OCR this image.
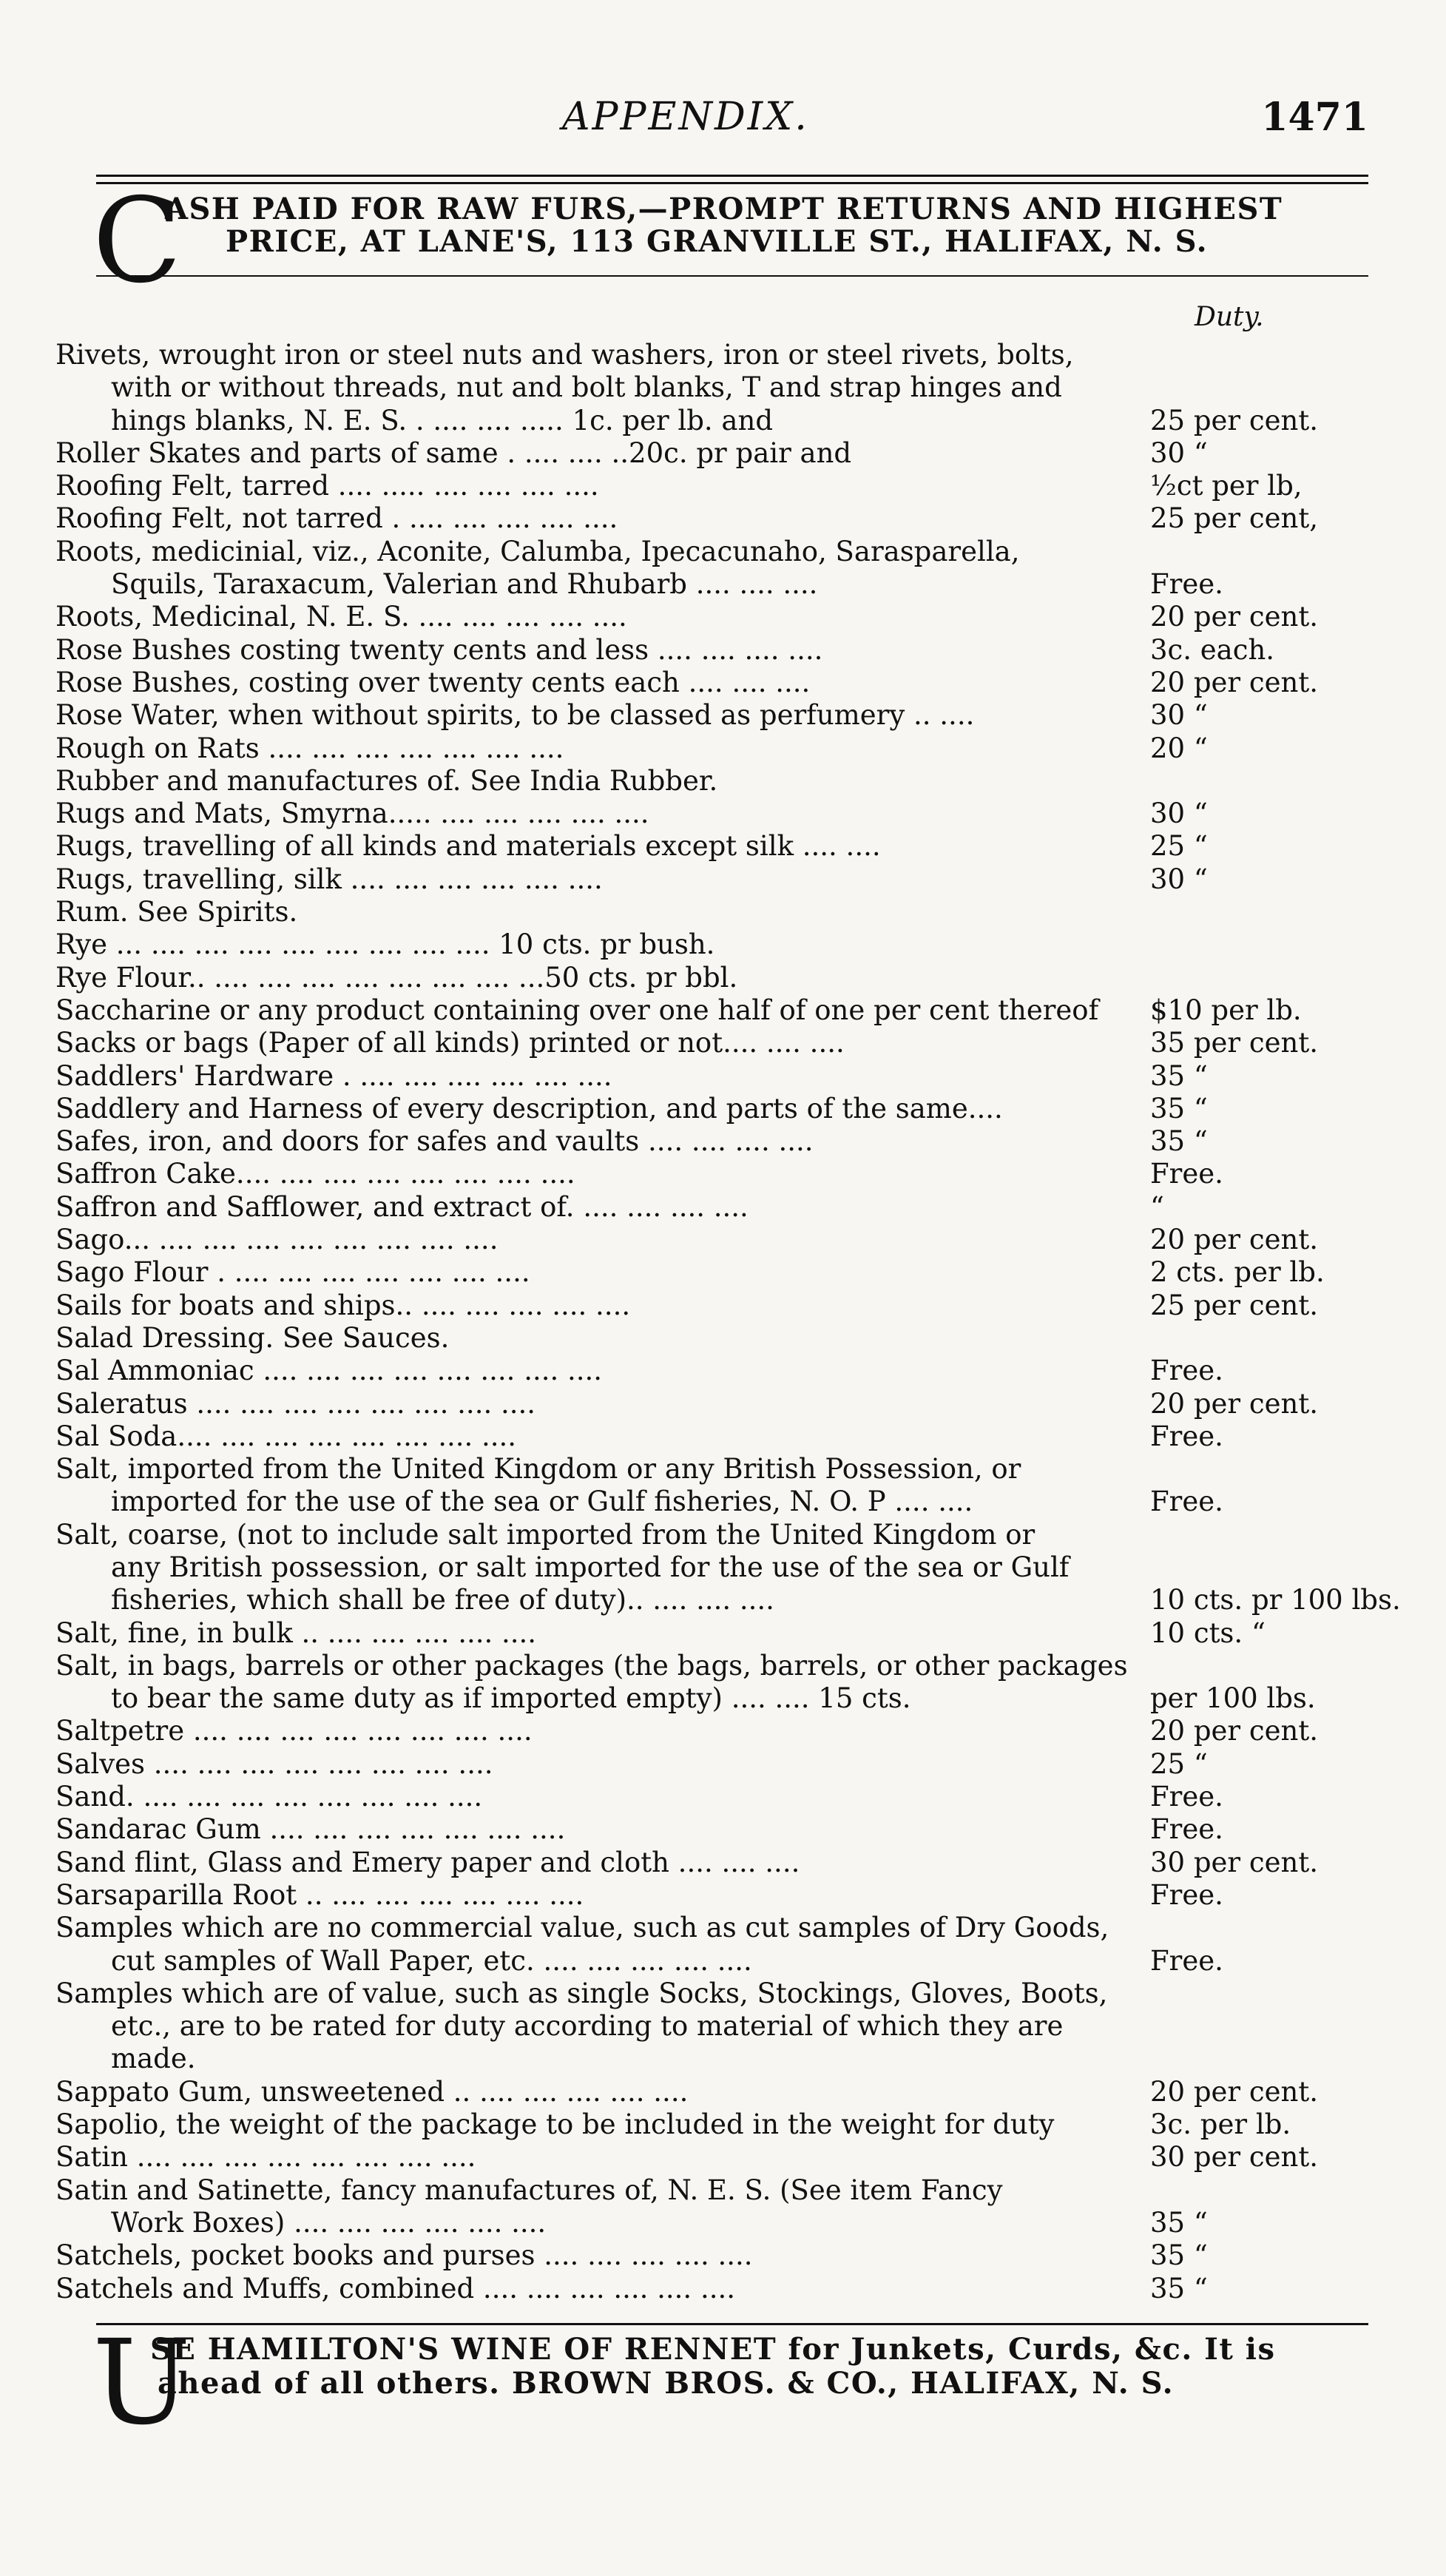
APPENDIX.	1471
C
ASH PAID FOR RAW FURS,—PROMPT RETURNS AND HIGHEST
PRICE, AT LANE'S, 113 GRANVILLE ST., HALIFAX, N. S.
Duty.
Rivets, wrought iron or steel nuts and washers, iron or steel rivets, bolts,
with or without threads, nut and bolt blanks, T and strap hinges and
hings blanks, N. E. S. . .... .... ..... 1c. per lb. and	25 per cent.
Roller Skates and parts of same . .... .... ..20c. pr pair and	30 “
Roofing Felt, tarred .... ..... .... .... .... ....	½ct per lb,
Roofing Felt, not tarred . .... .... .... .... ....	25 per cent,
Roots, medicinial, viz., Aconite, Calumba, Ipecacunaho, Sarasparella,
Squils, Taraxacum, Valerian and Rhubarb .... .... ....	Free.
Roots, Medicinal, N. E. S. .... .... .... .... ....	20 per cent.
Rose Bushes costing twenty cents and less .... .... .... ....	3c. each.
Rose Bushes, costing over twenty cents each .... .... ....	20 per cent.
Rose Water, when without spirits, to be classed as perfumery .. ....	30 “
Rough on Rats .... .... .... .... .... .... ....	20 “
Rubber and manufactures of. See India Rubber.
Rugs and Mats, Smyrna..... .... .... .... .... ....	30 “
Rugs, travelling of all kinds and materials except silk .... ....	25 “
Rugs, travelling, silk .... .... .... .... .... ....	30 “
Rum. See Spirits.
Rye ... .... .... .... .... .... .... .... .... 10 cts. pr bush.
Rye Flour.. .... .... .... .... .... .... .... ...50 cts. pr bbl.
Saccharine or any product containing over one half of one per cent thereof $10 per lb.
Sacks or bags (Paper of all kinds) printed or not.... .... ....	35 per cent.
Saddlers' Hardware . .... .... .... .... .... ....	35 “
Saddlery and Harness of every description, and parts of the same....	35 “
Safes, iron, and doors for safes and vaults .... .... .... ....	35 “
Saffron Cake.... .... .... .... .... .... .... ....	Free.
Saffron and Safflower, and extract of. .... .... .... ....	“
Sago... .... .... .... .... .... .... .... ....	20 per cent.
Sago Flour . .... .... .... .... .... .... ....	2 cts. per lb.
Sails for boats and ships.. .... .... .... .... ....	25 per cent.
Salad Dressing. See Sauces.
Sal Ammoniac .... .... .... .... .... .... .... ....	Free.
Saleratus .... .... .... .... .... .... .... ....	20 per cent.
Sal Soda.... .... .... .... .... .... .... ....	Free.
Salt, imported from the United Kingdom or any British Possession, or
imported for the use of the sea or Gulf fisheries, N. O. P .... ....	Free.
Salt, coarse, (not to include salt imported from the United Kingdom or
any British possession, or salt imported for the use of the sea or Gulf
fisheries, which shall be free of duty).. .... .... ....	10 cts. pr 100 lbs.
Salt, fine, in bulk .. .... .... .... .... ....	10 cts. “
Salt, in bags, barrels or other packages (the bags, barrels, or other packages
to bear the same duty as if imported empty) .... .... 15 cts.	per 100 lbs.
Saltpetre .... .... .... .... .... .... .... ....	20 per cent.
Salves .... .... .... .... .... .... .... ....	25 “
Sand. .... .... .... .... .... .... .... ....	Free.
Sandarac Gum .... .... .... .... .... .... ....	Free.
Sand flint, Glass and Emery paper and cloth .... .... ....	30 per cent.
Sarsaparilla Root .. .... .... .... .... .... ....	Free.
Samples which are no commercial value, such as cut samples of Dry Goods,
cut samples of Wall Paper, etc. .... .... .... .... ....	Free.
Samples which are of value, such as single Socks, Stockings, Gloves, Boots,
etc., are to be rated for duty according to material of which they are
made.
Sappato Gum, unsweetened .. .... .... .... .... ....	20 per cent.
Sapolio, the weight of the package to be included in the weight for duty	3c. per lb.
Satin .... .... .... .... .... .... .... ....	30 per cent.
Satin and Satinette, fancy manufactures of, N. E. S. (See item Fancy
Work Boxes) .... .... .... .... .... ....	35 “
Satchels, pocket books and purses .... .... .... .... ....	35 “
Satchels and Muffs, combined .... .... .... .... .... ....	35 “
U
SE HAMILTON'S WINE OF RENNET for Junkets, Curds, &c. It is
ahead of all others. BROWN BROS. & CO., HALIFAX, N. S.
